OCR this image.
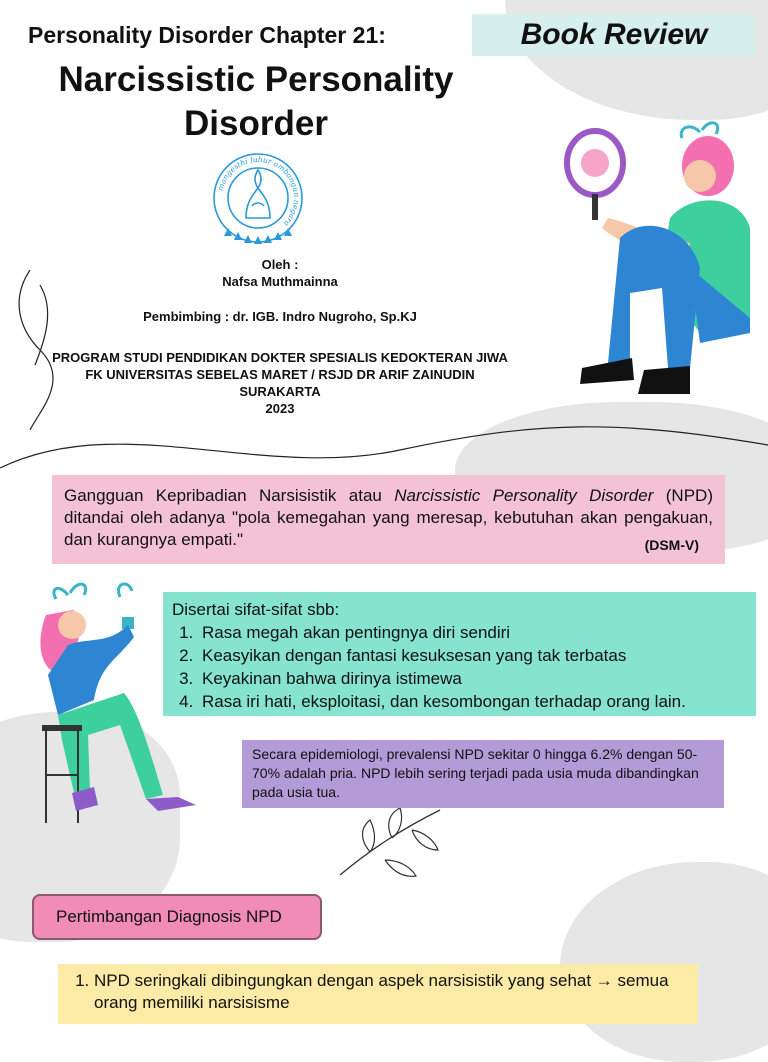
Personality Disorder Chapter 21:	Book Review
Narcissistic Personality
Disorder
mangesthi luhur ambangun negara
Oleh :
Nafsa Muthmainna
Pembimbing : dr. IGB. Indro Nugroho, Sp.KJ
PROGRAM STUDI PENDIDIKAN DOKTER SPESIALIS KEDOKTERAN JIWA
FK UNIVERSITAS SEBELAS MARET / RSJD DR ARIF ZAINUDIN
SURAKARTA
2023
Gangguan Kepribadian Narsisistik atau Narcissistic Personality Disorder (NPD) ditandai oleh adanya "pola kemegahan yang meresap, kebutuhan akan pengakuan, dan kurangnya empati."	(DSM-V)
Disertai sifat-sifat sbb:
1. Rasa megah akan pentingnya diri sendiri
2. Keasyikan dengan fantasi kesuksesan yang tak terbatas
3. Keyakinan bahwa dirinya istimewa
4. Rasa iri hati, eksploitasi, dan kesombongan terhadap orang lain.
Secara epidemiologi, prevalensi NPD sekitar 0 hingga 6.2% dengan 50-70% adalah pria. NPD lebih sering terjadi pada usia muda dibandingkan pada usia tua.
Pertimbangan Diagnosis NPD
1. NPD seringkali dibingungkan dengan aspek narsisistik yang sehat → semua orang memiliki narsisisme
